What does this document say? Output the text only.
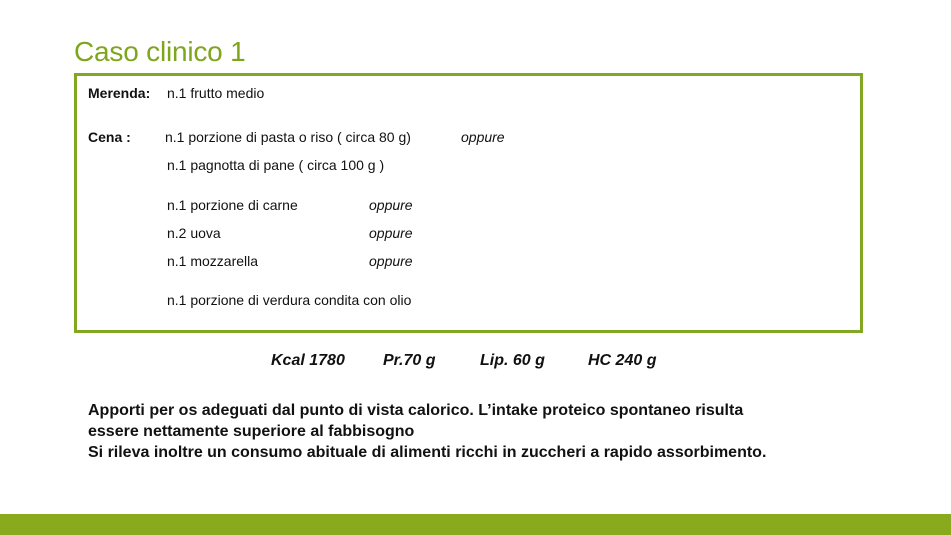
Caso clinico 1
Merenda: n.1 frutto medio
Cena : n.1 porzione di pasta o riso ( circa 80 g)	oppure
n.1 pagnotta di pane ( circa 100 g )
n.1 porzione di carne	oppure
n.2 uova	oppure
n.1 mozzarella	oppure
n.1 porzione di verdura condita con olio
Kcal 1780 Pr.70 g	Lip. 60 g	HC 240 g
Apporti per os adeguati dal punto di vista calorico. L’intake proteico spontaneo risulta
essere nettamente superiore al fabbisogno
Si rileva inoltre un consumo abituale di alimenti ricchi in zuccheri a rapido assorbimento.
